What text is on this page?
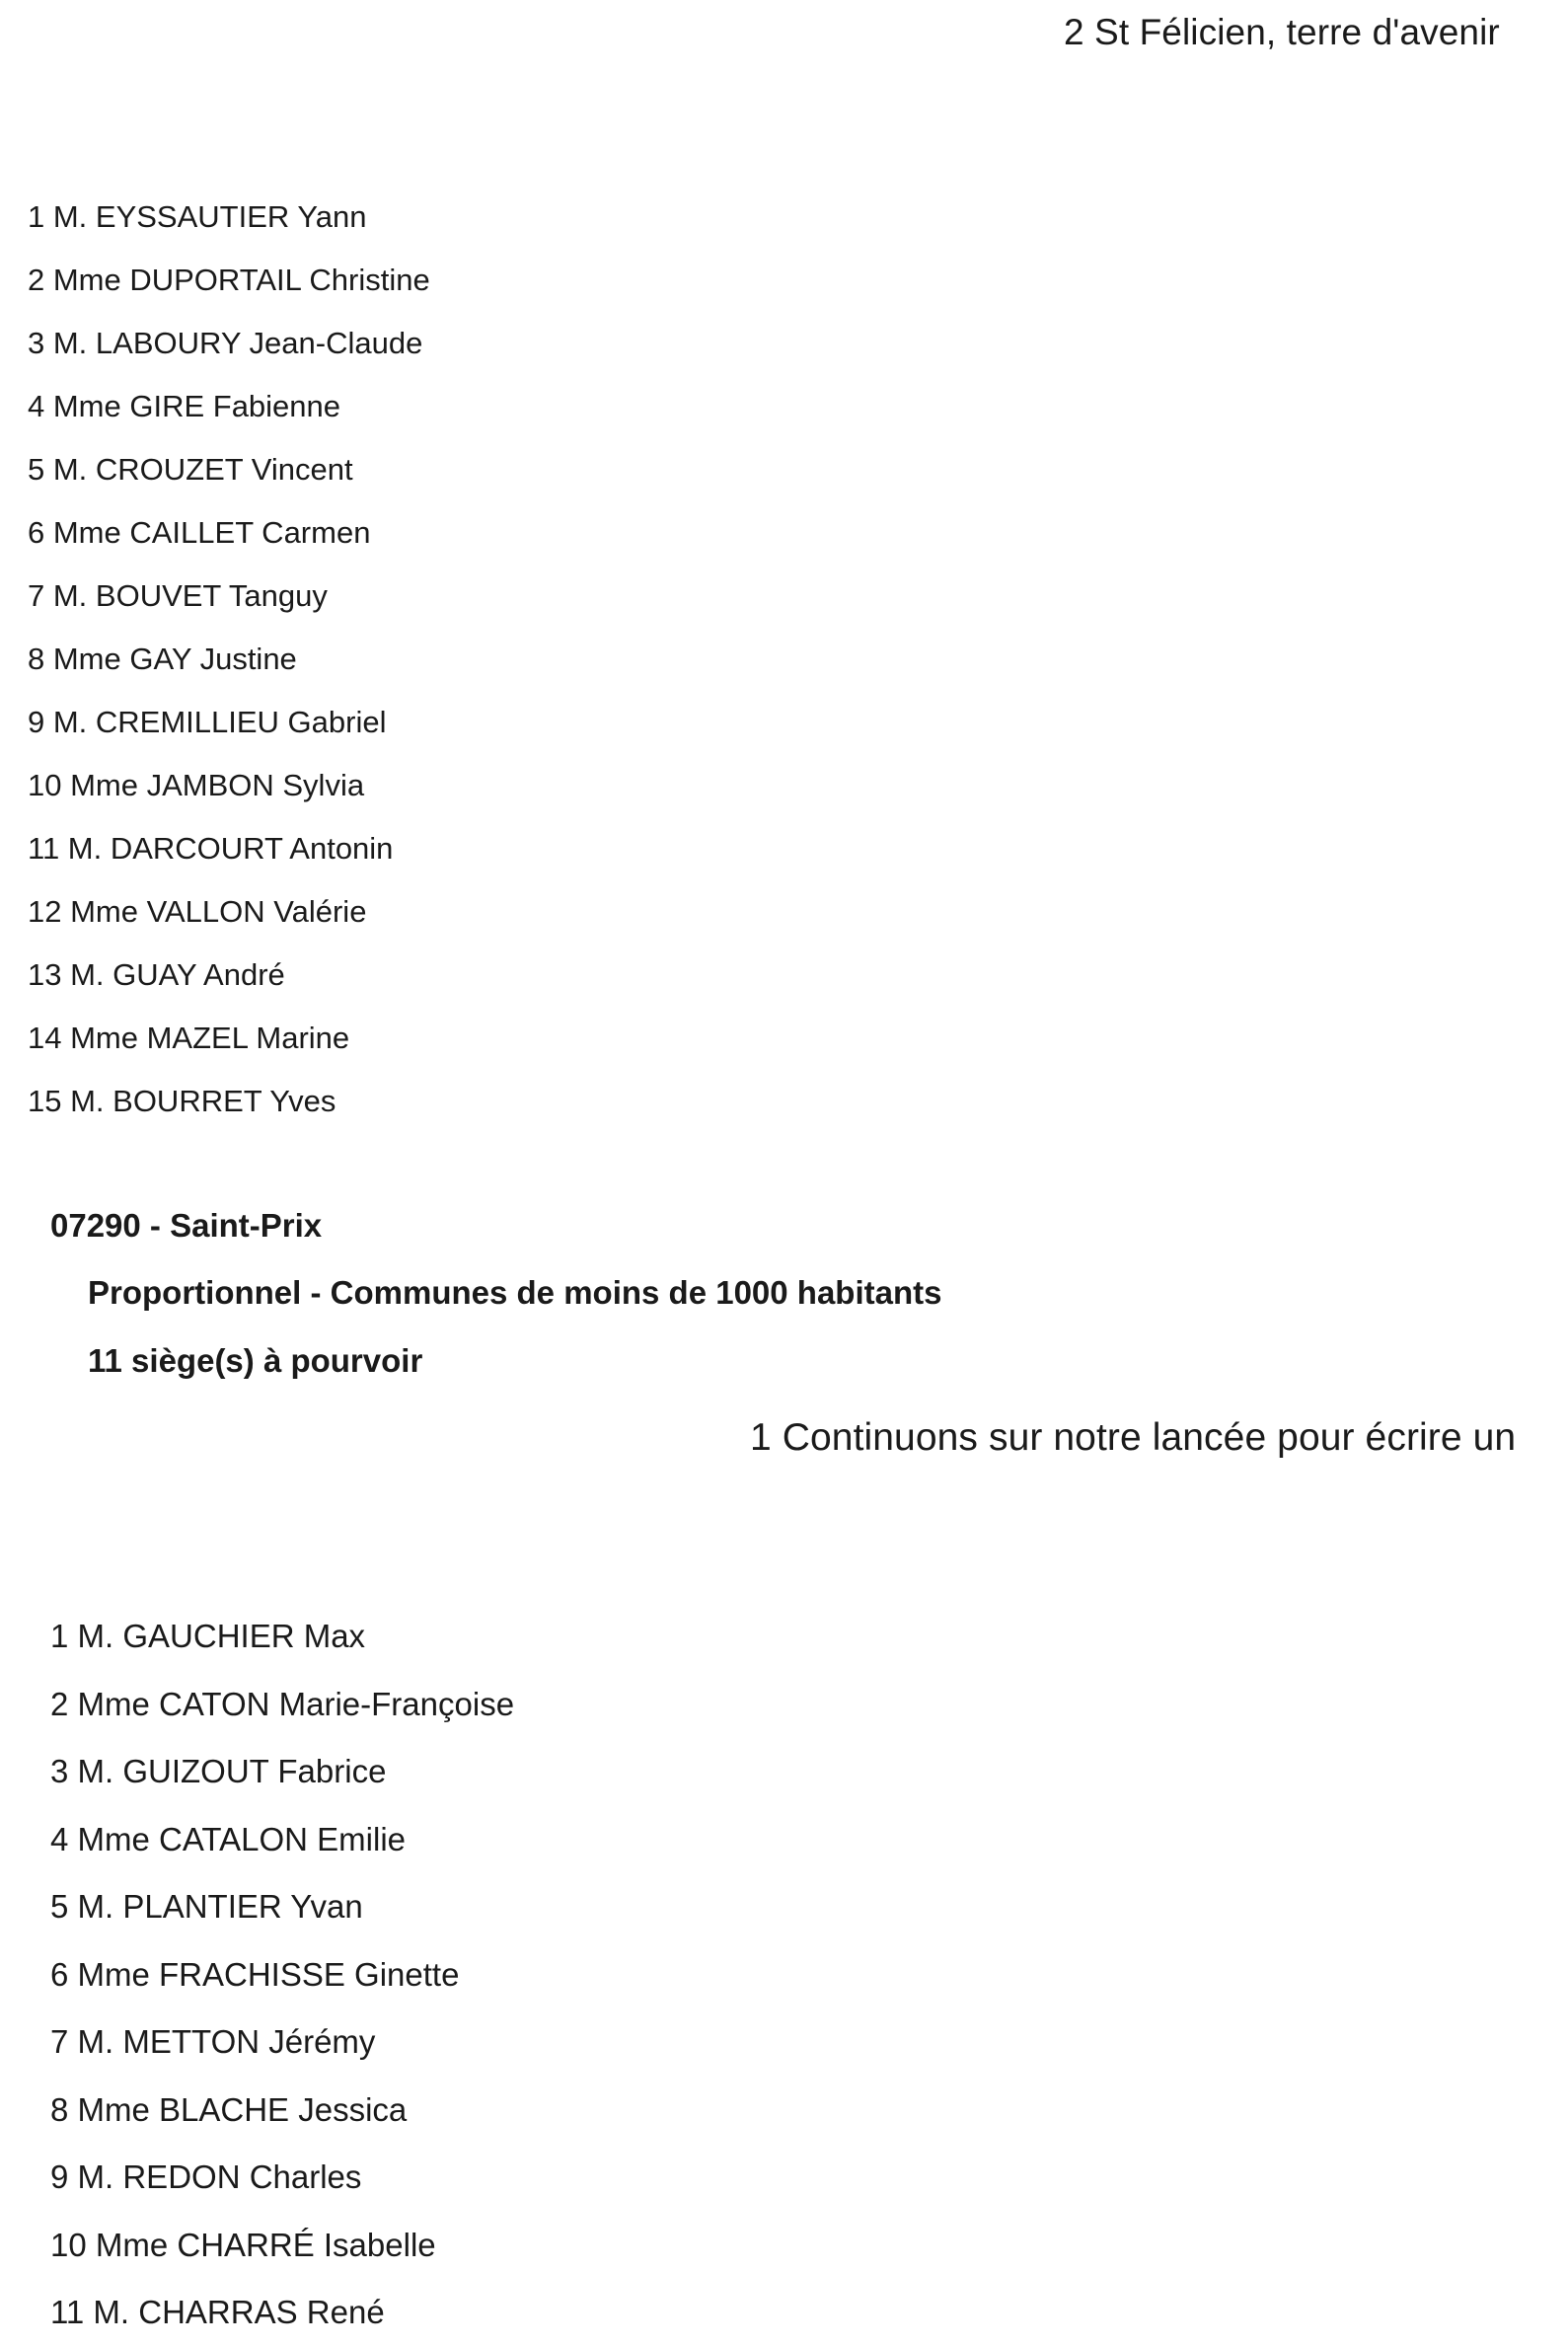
2 St Félicien, terre d'avenir
1 M. EYSSAUTIER Yann
2 Mme DUPORTAIL Christine
3 M. LABOURY Jean-Claude
4 Mme GIRE Fabienne
5 M. CROUZET Vincent
6 Mme CAILLET Carmen
7 M. BOUVET Tanguy
8 Mme GAY Justine
9 M. CREMILLIEU Gabriel
10 Mme JAMBON Sylvia
11 M. DARCOURT Antonin
12 Mme VALLON Valérie
13 M. GUAY André
14 Mme MAZEL Marine
15 M. BOURRET Yves
07290 - Saint-Prix
Proportionnel - Communes de moins de 1000 habitants
11 siège(s) à pourvoir
1 Continuons sur notre lancée pour écrire un
1 M. GAUCHIER Max
2 Mme CATON Marie-Françoise
3 M. GUIZOUT Fabrice
4 Mme CATALON Emilie
5 M. PLANTIER Yvan
6 Mme FRACHISSE Ginette
7 M. METTON Jérémy
8 Mme BLACHE Jessica
9 M. REDON Charles
10 Mme CHARRÉ Isabelle
11 M. CHARRAS René
